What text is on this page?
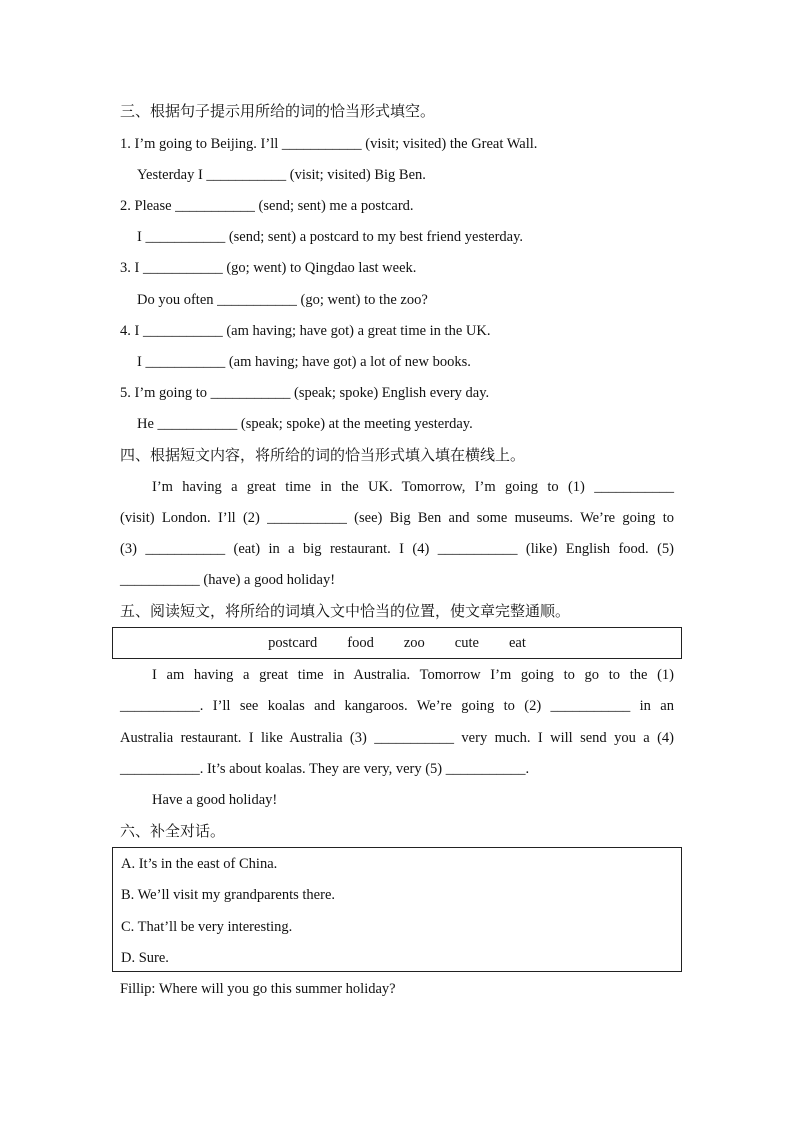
三、根据句子提示用所给的词的恰当形式填空。
1. I’m going to Beijing. I’ll ___________ (visit; visited) the Great Wall.
Yesterday I ___________ (visit; visited) Big Ben.
2. Please ___________ (send; sent) me a postcard.
I ___________ (send; sent) a postcard to my best friend yesterday.
3. I ___________ (go; went) to Qingdao last week.
Do you often ___________ (go; went) to the zoo?
4. I ___________ (am having; have got) a great time in the UK.
I ___________ (am having; have got) a lot of new books.
5. I’m going to ___________ (speak; spoke) English every day.
He ___________ (speak; spoke) at the meeting yesterday.
四、根据短文内容，将所给的词的恰当形式填入填在横线上。
I’m having a great time in the UK. Tomorrow, I’m going to (1) ___________
(visit) London. I’ll (2) ___________ (see) Big Ben and some museums. We’re going to
(3) ___________ (eat) in a big restaurant. I (4) ___________ (like) English food. (5)
___________ (have) a good holiday!
五、阅读短文，将所给的词填入文中恰当的位置，使文章完整通顺。
postcard food zoo cute eat
I am having a great time in Australia. Tomorrow I’m going to go to the (1)
___________. I’ll see koalas and kangaroos. We’re going to (2) ___________ in an
Australia restaurant. I like Australia (3) ___________ very much. I will send you a (4)
___________. It’s about koalas. They are very, very (5) ___________.
Have a good holiday!
六、补全对话。
A. It’s in the east of China.
B. We’ll visit my grandparents there.
C. That’ll be very interesting.
D. Sure.
Fillip: Where will you go this summer holiday?
